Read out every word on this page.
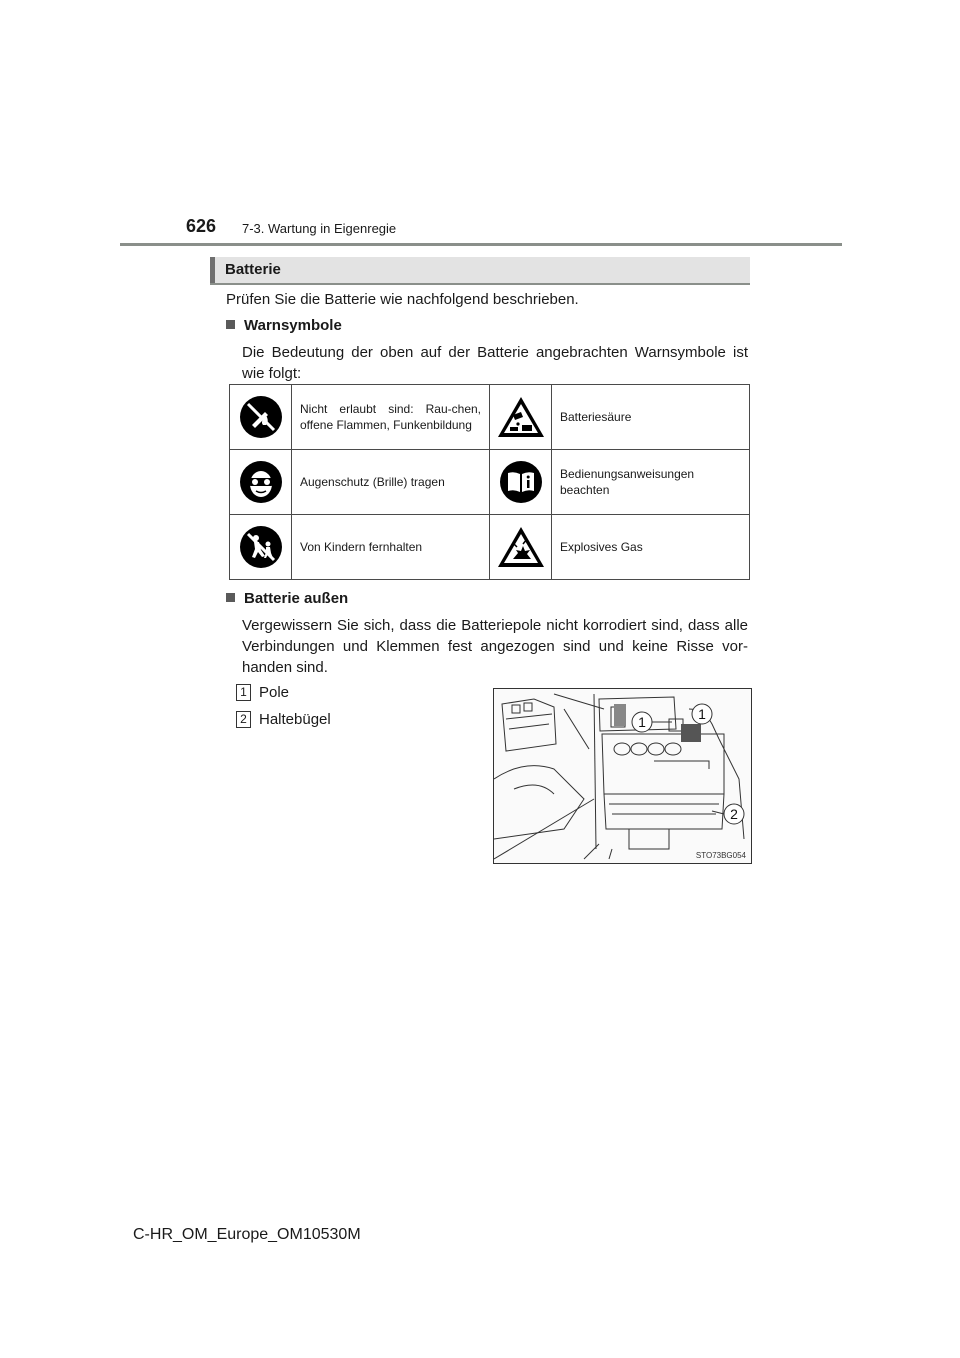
626 7-3. Wartung in Eigenregie
Batterie
Prüfen Sie die Batterie wie nachfolgend beschrieben.
Warnsymbole
Die Bedeutung der oben auf der Batterie angebrachten Warnsymbole ist wie folgt:
	Nicht erlaubt sind: Rau-chen, offene Flammen, Funkenbildung		Batteriesäure

	Augenschutz (Brille) tragen		Bedienungsanweisungen beachten

	Von Kindern fernhalten		Explosives Gas
Batterie außen
Vergewissern Sie sich, dass die Batteriepole nicht korrodiert sind, dass alle Verbindungen und Klemmen fest angezogen sind und keine Risse vor-handen sind.
1 Pole
2 Haltebügel	1	1
2
STO73BG054
C-HR_OM_Europe_OM10530M
